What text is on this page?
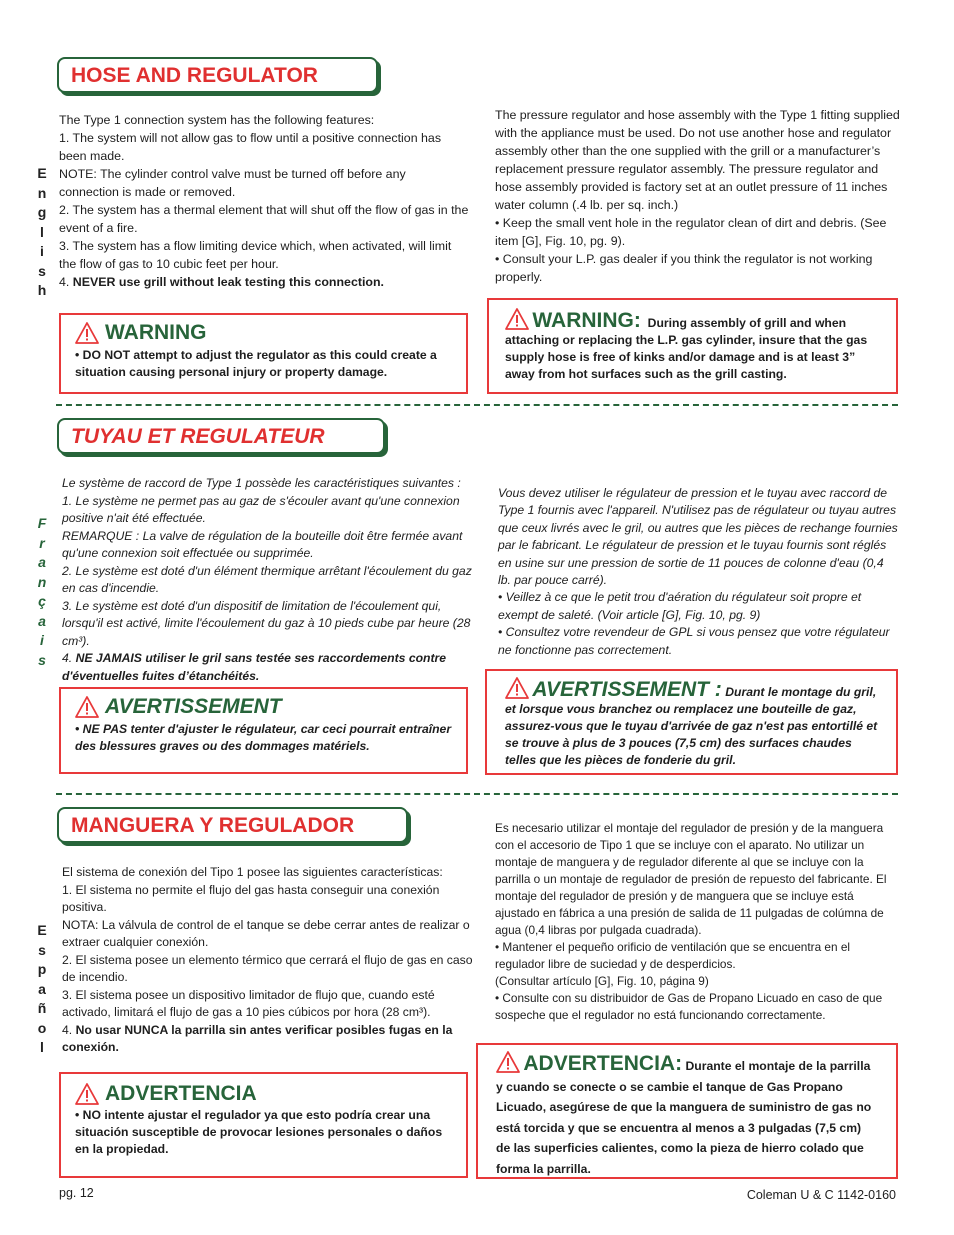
HOSE AND REGULATOR
E
n
g
l
i
s
h

The Type 1 connection system has the following features:

1. The system will not allow gas to flow until a positive connection has been made.

NOTE: The cylinder control valve must be turned off before any connection is made or removed.

2. The system has a thermal element that will shut off the flow of gas in the event of a fire.

3. The system has a flow limiting device which, when activated, will limit the flow of gas to 10 cubic feet per hour.

4. NEVER use grill without leak testing this connection.

The pressure regulator and hose assembly with the Type 1 fitting supplied with the appliance must be used. Do not use another hose and regulator assembly other than the one supplied with the grill or a manufacturer’s replacement pressure regulator assembly. The pressure regulator and hose assembly provided is factory set at an outlet pressure of 11 inches water column (.4 lb. per sq. inch.)

• Keep the small vent hole in the regulator clean of dirt and debris. (See item [G], Fig. 10, pg. 9).

• Consult your L.P. gas dealer if you think the regulator is not working properly.

WARNING
• DO NOT attempt to adjust the regulator as this could create a situation causing personal injury or property damage.
WARNING: During assembly of grill and when attaching or replacing the L.P. gas cylinder, insure that the gas supply hose is free of kinks and/or damage and is at least 3” away from hot surfaces such as the grill casting.
TUYAU ET REGULATEUR
F
r
a
n
ç
a
i
s

Le système de raccord de Type 1 possède les caractéristiques suivantes :

1. Le système ne permet pas au gaz de s'écouler avant qu'une connexion positive n'ait été effectuée.

REMARQUE : La valve de régulation de la bouteille doit être fermée avant qu'une connexion soit effectuée ou supprimée.

2. Le système est doté d'un élément thermique arrêtant l'écoulement du gaz en cas d'incendie.

3. Le système est doté d'un dispositif de limitation de l'écoulement qui, lorsqu'il est activé, limite l'écoulement du gaz à 10 pieds cube par heure (28 cm³).

4. NE JAMAIS utiliser le gril sans testée ses raccordements contre d'éventuelles fuites d’étanchéités.

Vous devez utiliser le régulateur de pression et le tuyau avec raccord de Type 1 fournis avec l'appareil. N'utilisez pas de régulateur ou tuyau autres que ceux livrés avec le gril, ou autres que les pièces de rechange fournies par le fabricant. Le régulateur de pression et le tuyau fournis sont réglés en usine sur une pression de sortie de 11 pouces de colonne d'eau (0,4 lb. par pouce carré).

• Veillez à ce que le petit trou d'aération du régulateur soit propre et exempt de saleté. (Voir article [G], Fig. 10, pg. 9)

• Consultez votre revendeur de GPL si vous pensez que votre régulateur ne fonctionne pas correctement.

AVERTISSEMENT
• NE PAS tenter d'ajuster le régulateur, car ceci pourrait entraîner des blessures graves ou des dommages matériels.
AVERTISSEMENT : Durant le montage du gril, et lorsque vous branchez ou remplacez une bouteille de gaz, assurez-vous que le tuyau d'arrivée de gaz n'est pas entortillé et se trouve à plus de 3 pouces (7,5 cm) des surfaces chaudes telles que les pièces de fonderie du gril.
MANGUERA Y REGULADOR
E
s
p
a
ñ
o
l

El sistema de conexión del Tipo 1 posee las siguientes características:

1. El sistema no permite el flujo del gas hasta conseguir una conexión positiva.

NOTA: La válvula de control de el tanque se debe cerrar antes de realizar o extraer cualquier conexión.

2. El sistema posee un elemento térmico que cerrará el flujo de gas en caso de incendio.

3. El sistema posee un dispositivo limitador de flujo que, cuando esté activado, limitará el flujo de gas a 10 pies cúbicos por hora (28 cm³).

4. No usar NUNCA la parrilla sin antes verificar posibles fugas en la conexión.

Es necesario utilizar el montaje del regulador de presión y de la manguera con el accesorio de Tipo 1 que se incluye con el aparato. No utilizar un montaje de manguera y de regulador diferente al que se incluye con la parrilla o un montaje de regulador de presión de repuesto del fabricante. El montaje del regulador de presión y de manguera que se incluye está ajustado en fábrica a una presión de salida de 11 pulgadas de colúmna de agua (0,4 libras por pulgada cuadrada).

• Mantener el pequeño orificio de ventilación que se encuentra en el regulador libre de suciedad y de desperdicios.

(Consultar artículo [G], Fig. 10, página 9)

• Consulte con su distribuidor de Gas de Propano Licuado en caso de que sospeche que el regulador no está funcionando correctamente.

ADVERTENCIA
• NO intente ajustar el regulador ya que esto podría crear una situación susceptible de provocar lesiones personales o daños en la propiedad.
ADVERTENCIA: Durante el montaje de la parrilla y cuando se conecte o se cambie el tanque de Gas Propano Licuado, asegúrese de que la manguera de suministro de gas no está torcida y que se encuentra al menos a 3 pulgadas (7,5 cm) de las superficies calientes, como la pieza de hierro colado que forma la parrilla.
pg. 12	Coleman U & C 1142-0160
